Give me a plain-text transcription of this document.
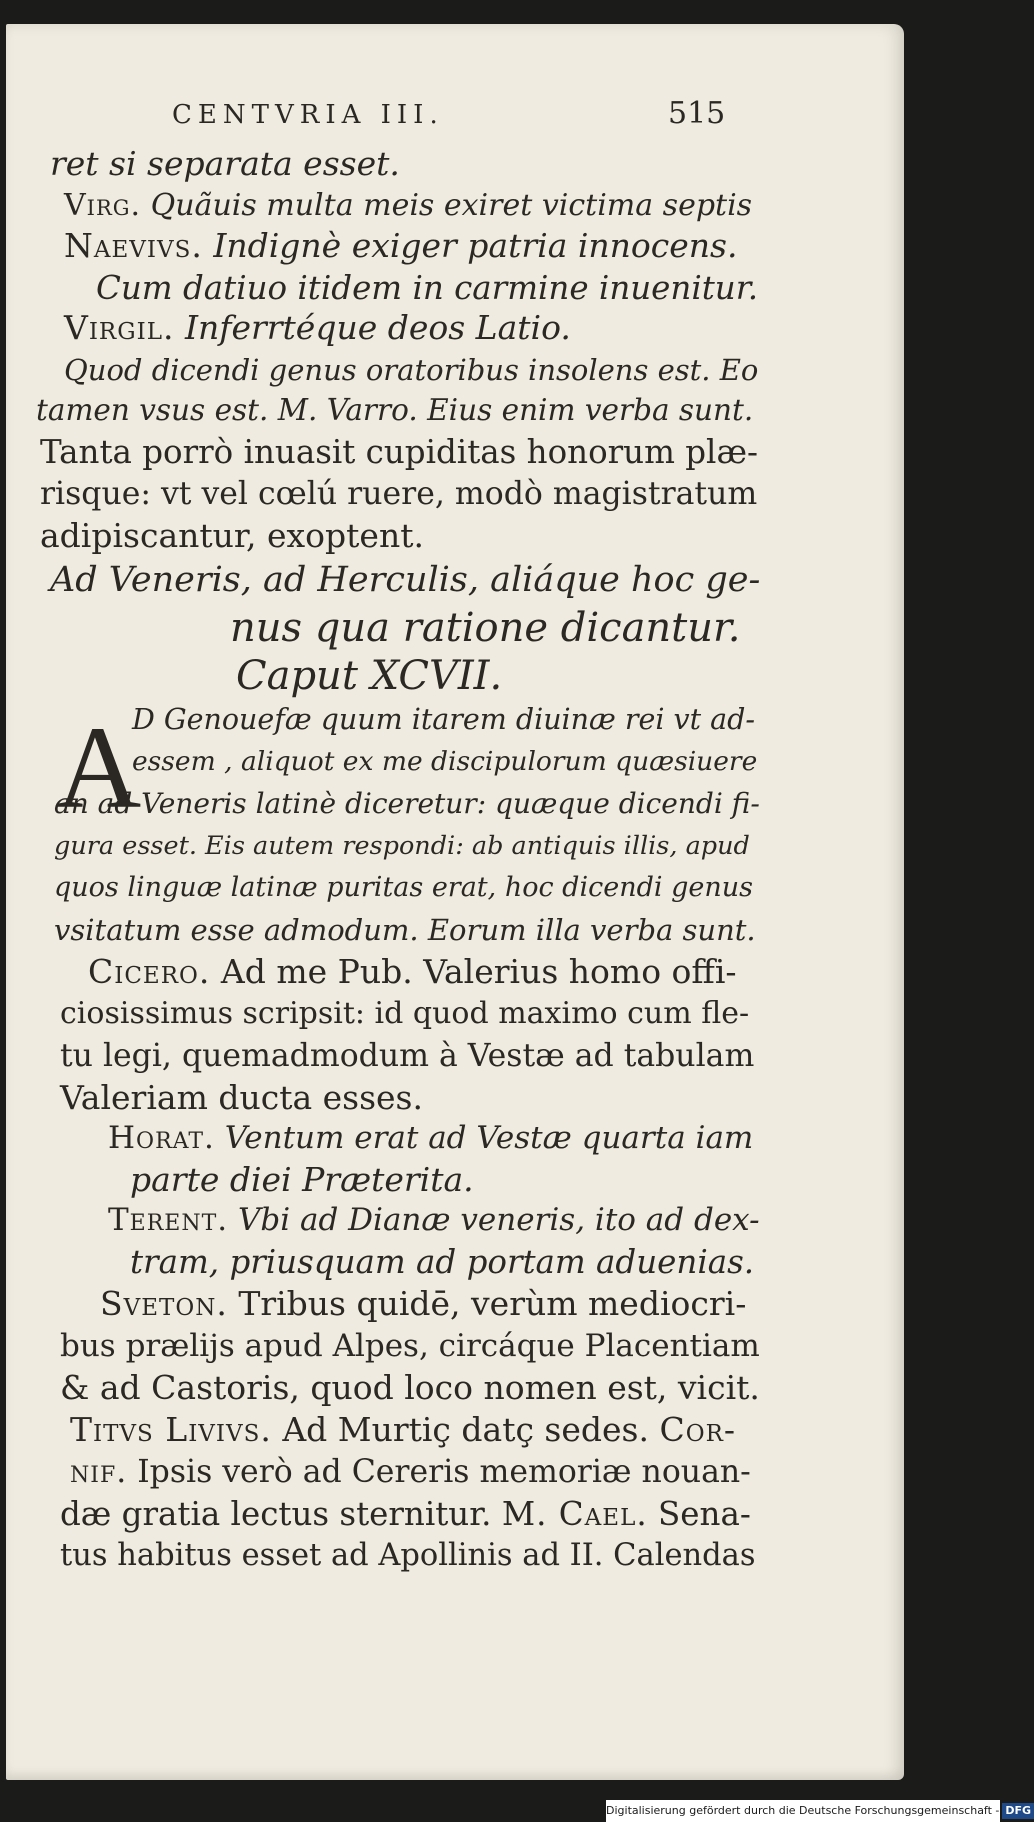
CENTVRIA III.	515
ret si separata esset.
Virg. Quãuis multa meis exiret victima septis
Naevivs. Indignè exiger patria innocens.
Cum datiuo itidem in carmine inuenitur.
Virgil. Inferrtéque deos Latio.
Quod dicendi genus oratoribus insolens est. Eo
tamen vsus est. M. Varro. Eius enim verba sunt.
Tanta porrò inuasit cupiditas honorum plæ-
risque: vt vel cœlú ruere, modò magistratum
adipiscantur, exoptent.
Ad Veneris, ad Herculis, aliáque hoc ge-
nus qua ratione dicantur.
Caput XCVII.
A
D Genouefæ quum itarem diuinæ rei vt ad-
essem , aliquot ex me discipulorum quæsiuere
an ad Veneris latinè diceretur: quæque dicendi fi-
gura esset. Eis autem respondi: ab antiquis illis, apud
quos linguæ latinæ puritas erat, hoc dicendi genus
vsitatum esse admodum. Eorum illa verba sunt.
Cicero. Ad me Pub. Valerius homo offi-
ciosissimus scripsit: id quod maximo cum fle-
tu legi, quemadmodum à Vestæ ad tabulam
Valeriam ducta esses.
Horat. Ventum erat ad Vestæ quarta iam
parte diei Præterita.
Terent. Vbi ad Dianæ veneris, ito ad dex-
tram, priusquam ad portam aduenias.
Sveton. Tribus quidē, verùm mediocri-
bus prælijs apud Alpes, circáque Placentiam
& ad Castoris, quod loco nomen est, vicit.
Titvs Livivs. Ad Murtiç datç sedes. Cor-
nif. Ipsis verò ad Cereris memoriæ nouan-
dæ gratia lectus sternitur. M. Cael. Sena-
tus habitus esset ad Apollinis ad II. Calendas
Digitalisierung gefördert durch die Deutsche Forschungsgemeinschaft - DFG
